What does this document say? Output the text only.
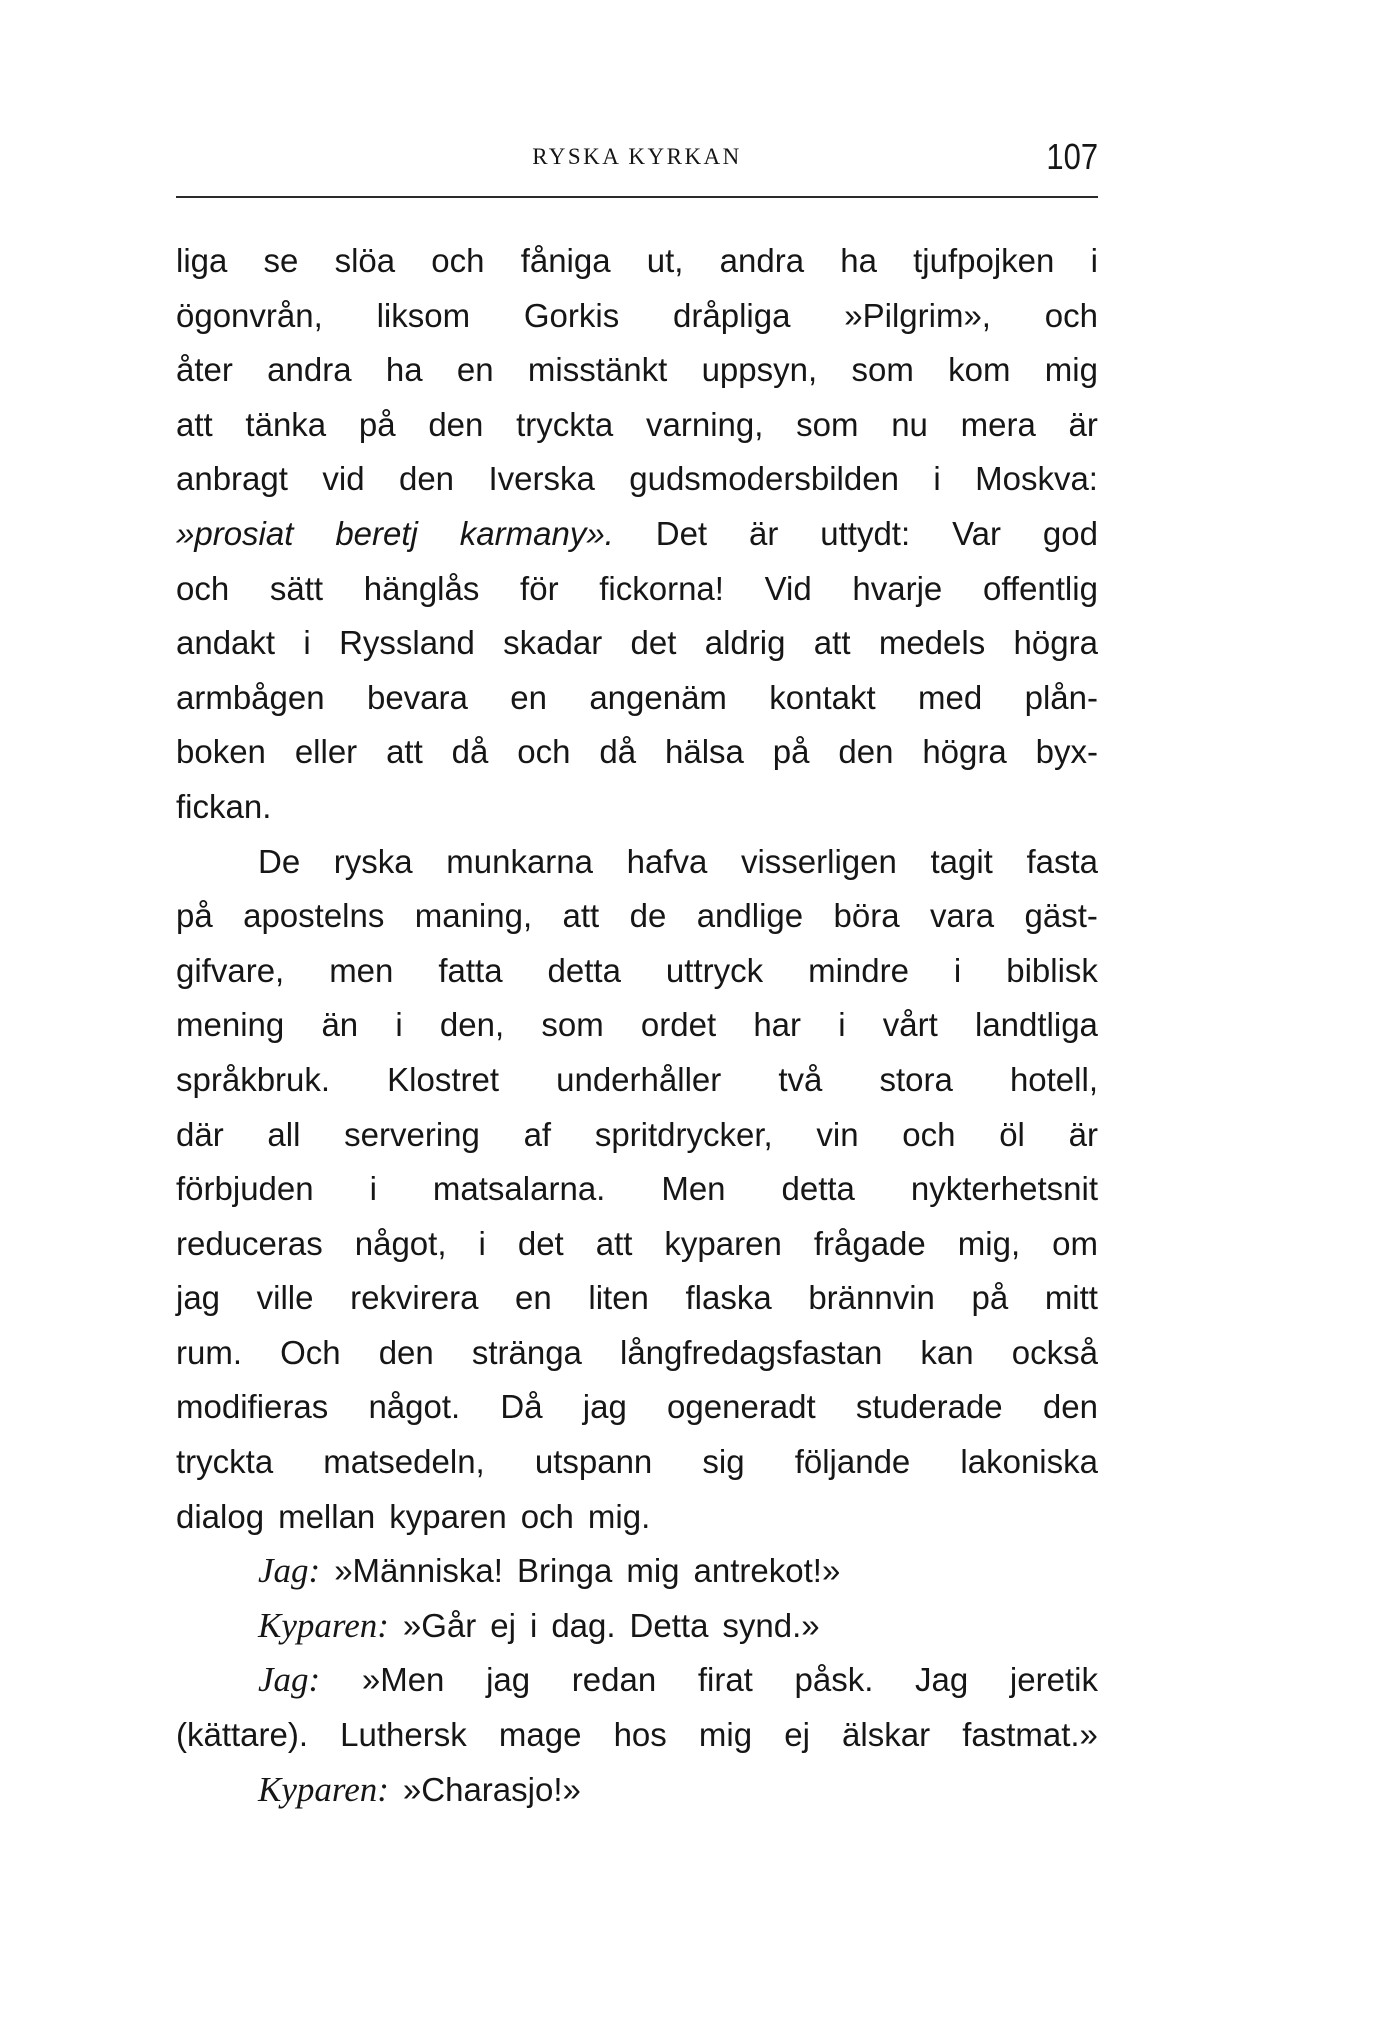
RYSKA KYRKAN	107
liga se slöa och fåniga ut, andra ha tjufpojken i
ögonvrån, liksom Gorkis dråpliga »Pilgrim», och
åter andra ha en misstänkt uppsyn, som kom mig
att tänka på den tryckta varning, som nu mera är
anbragt vid den Iverska gudsmodersbilden i Moskva:
»prosiat beretj karmany». Det är uttydt: Var god
och sätt hänglås för fickorna! Vid hvarje offentlig
andakt i Ryssland skadar det aldrig att medels högra
armbågen bevara en angenäm kontakt med plån-
boken eller att då och då hälsa på den högra byx-
fickan.
De ryska munkarna hafva visserligen tagit fasta
på apostelns maning, att de andlige böra vara gäst-
gifvare, men fatta detta uttryck mindre i biblisk
mening än i den, som ordet har i vårt landtliga
språkbruk. Klostret underhåller två stora hotell,
där all servering af spritdrycker, vin och öl är
förbjuden i matsalarna. Men detta nykterhetsnit
reduceras något, i det att kyparen frågade mig, om
jag ville rekvirera en liten flaska brännvin på mitt
rum. Och den stränga långfredagsfastan kan också
modifieras något. Då jag ogeneradt studerade den
tryckta matsedeln, utspann sig följande lakoniska
dialog mellan kyparen och mig.
Jag: »Människa! Bringa mig antrekot!»
Kyparen: »Går ej i dag. Detta synd.»
Jag: »Men jag redan firat påsk. Jag jeretik
(kättare). Luthersk mage hos mig ej älskar fastmat.»
Kyparen: »Charasjo!»
